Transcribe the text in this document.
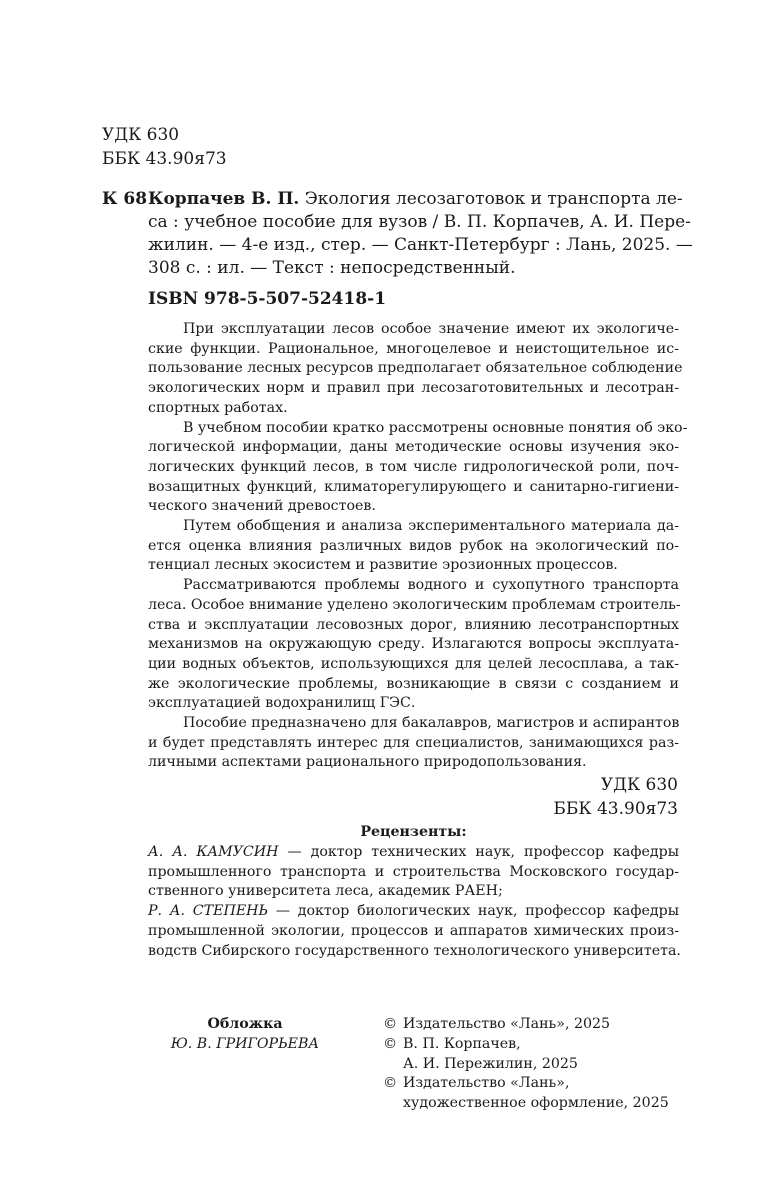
УДК 630

ББК 43.90я73

К 68 Корпачев В. П. Экология лесозаготовок и транспорта ле-
са : учебное пособие для вузов / В. П. Корпачев, А. И. Пере-
жилин. — 4-е изд., стер. — Санкт-Петербург : Лань, 2025. —
308 с. : ил. — Текст : непосредственный.
ISBN 978-5-507-52418-1
При эксплуатации лесов особое значение имеют их экологиче-
ские функции. Рациональное, многоцелевое и неистощительное ис-
пользование лесных ресурсов предполагает обязательное соблюдение
экологических норм и правил при лесозаготовительных и лесотран-
спортных работах.
В учебном пособии кратко рассмотрены основные понятия об эко-
логической информации, даны методические основы изучения эко-
логических функций лесов, в том числе гидрологической роли, поч-
возащитных функций, климаторегулирующего и санитарно-гигиени-
ческого значений древостоев.
Путем обобщения и анализа экспериментального материала да-
ется оценка влияния различных видов рубок на экологический по-
тенциал лесных экосистем и развитие эрозионных процессов.
Рассматриваются проблемы водного и сухопутного транспорта
леса. Особое внимание уделено экологическим проблемам строитель-
ства и эксплуатации лесовозных дорог, влиянию лесотранспортных
механизмов на окружающую среду. Излагаются вопросы эксплуата-
ции водных объектов, использующихся для целей лесосплава, а так-
же экологические проблемы, возникающие в связи с созданием и
эксплуатацией водохранилищ ГЭС.
Пособие предназначено для бакалавров, магистров и аспирантов
и будет представлять интерес для специалистов, занимающихся раз-
личными аспектами рационального природопользования.

УДК 630

ББК 43.90я73

Рецензенты:
А. А. КАМУСИН — доктор технических наук, профессор кафедры
промышленного транспорта и строительства Московского государ-
ственного университета леса, академик РАЕН;
Р. А. СТЕПЕНЬ — доктор биологических наук, профессор кафедры
промышленной экологии, процессов и аппаратов химических произ-
водств Сибирского государственного технологического университета.
Обложка
Ю. В. ГРИГОРЬЕВА
© Издательство «Лань», 2025
© В. П. Корпачев,
А. И. Пережилин, 2025
© Издательство «Лань»,
художественное оформление, 2025
